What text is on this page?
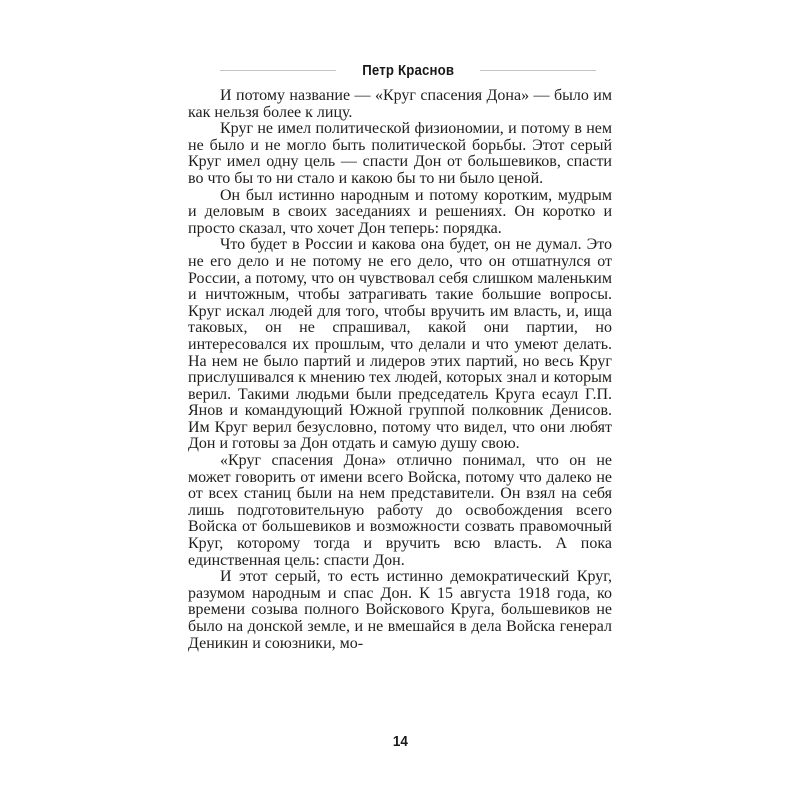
Петр Краснов

И потому название — «Круг спасения Дона» — было им как нельзя более к лицу.

Круг не имел политической физиономии, и потому в нем не было и не могло быть политической борьбы. Этот серый Круг имел одну цель — спасти Дон от большевиков, спасти во что бы то ни стало и какою бы то ни было ценой.

Он был истинно народным и потому коротким, мудрым и деловым в своих заседаниях и решениях. Он коротко и просто сказал, что хочет Дон теперь: порядка.

Что будет в России и какова она будет, он не думал. Это не его дело и не потому не его дело, что он отшатнулся от России, а потому, что он чувствовал себя слишком маленьким и ничтожным, чтобы затрагивать такие большие вопросы. Круг искал людей для того, чтобы вручить им власть, и, ища таковых, он не спрашивал, какой они партии, но интересовался их прошлым, что делали и что умеют делать. На нем не было партий и лидеров этих партий, но весь Круг прислушивался к мнению тех людей, которых знал и которым верил. Такими людьми были председатель Круга есаул Г.П. Янов и командующий Южной группой полковник Денисов. Им Круг верил безусловно, потому что видел, что они любят Дон и готовы за Дон отдать и самую душу свою.

«Круг спасения Дона» отлично понимал, что он не может говорить от имени всего Войска, потому что далеко не от всех станиц были на нем представители. Он взял на себя лишь подготовительную работу до освобождения всего Войска от большевиков и возможности созвать правомочный Круг, которому тогда и вручить всю власть. А пока единственная цель: спасти Дон.

И этот серый, то есть истинно демократический Круг, разумом народным и спас Дон. К 15 августа 1918 года, ко времени созыва полного Войскового Круга, большевиков не было на донской земле, и не вмешайся в дела Войска генерал Деникин и союзники, мо-

14
